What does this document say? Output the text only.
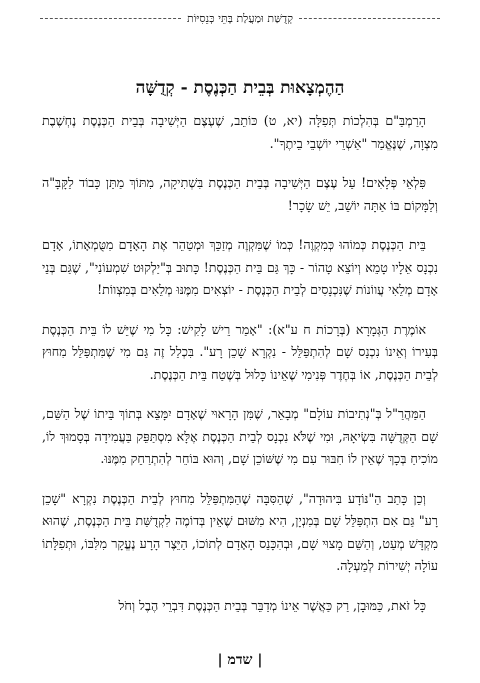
קְדֻשַּׁת וּמַעֲלַת בָּתֵּי כְּנֵסִיּוֹת
הַהֶמְצָאוּת בְּבֵית הַכְּנֶסֶת - קְדֻשָּׁה

הָרַמְבַּ"ם בְּהִלְכוֹת תְּפִלָּה (יא, ט) כּוֹתֵב, שֶׁעֶצֶם הַיְּשִׁיבָה בְּבֵית הַכְּנֶסֶת נֶחְשֶׁבֶת מִצְוָה, שֶׁנֶּאֱמַר "אַשְׁרֵי יוֹשְׁבֵי בֵיתֶךָ".

פִּלְאֵי פְּלָאִים! עַל עֶצֶם הַיְּשִׁיבָה בְּבֵית הַכְּנֶסֶת בִּשְׁתִיקָה, מִתּוֹךְ מַתַּן כָּבוֹד לַקָּבָּ"ה וְלַמָּקוֹם בּוֹ אַתָּה יוֹשֵׁב, יֵשׁ שָׂכָר!

בֵּית הַכְּנֶסֶת כְּמוֹהוּ כְּמִקְוֶה! כְּמוֹ שֶׁמִּקְוֶה מְזַכֵּךְ וּמְטַהֵר אֶת הָאָדָם מִטֻּמְאָתוֹ, אָדָם נִכְנָס אֵלָיו טָמֵא וְיוֹצֵא טָהוֹר - כָּךְ גַּם בֵּית הַכְּנֶסֶת! כָּתוּב בְּ"יַלְקוּט שִׁמְעוֹנִי", שֶׁגַּם בְּנֵי אָדָם מְלֵאִי עֲווֹנוֹת שֶׁנִּכְנָסִים לְבֵית הַכְּנֶסֶת - יוֹצְאִים מִמֶּנּוּ מְלֵאִים בְּמִצְווֹת!

אוֹמֶרֶת הַגְּמָרָא (בְּרָכוֹת ח ע"א): "אָמַר רֵישׁ לָקִישׁ: כָּל מִי שֶׁיֵּשׁ לוֹ בֵּית הַכְּנֶסֶת בְּעִירוֹ וְאֵינוֹ נִכְנָס שָׁם לְהִתְפַּלֵּל - נִקְרָא שָׁכֵן רָע". בִּכְלַל זֶה גַּם מִי שֶׁמִּתְפַּלֵּל מִחוּץ לְבֵית הַכְּנֶסֶת, אוֹ בְּחֶדֶר פְּנִימִי שֶׁאֵינוֹ כָּלוּל בְּשֶׁטַח בֵּית הַכְּנֶסֶת.

הַמַּהֲרַ"ל בְּ"נְתִיבוֹת עוֹלָם" מְבָאֵר, שֶׁמִּן הָרָאוּי שֶׁאָדָם יִמָּצֵא בְּתוֹךְ בֵּיתוֹ שֶׁל הַשֵּׁם, שָׁם הַקְּדֻשָּׁה בִּשְׂיאָהּ, וּמִי שֶׁלֹּא נִכְנָס לְבֵית הַכְּנֶסֶת אֶלָּא מִסְתַּפֵּק בַּעֲמִידָה בְּסָמוּךְ לוֹ, מוֹכִיחַ בְּכָךְ שֶׁאֵין לוֹ חִבּוּר עִם מִי שֶׁשּׁוֹכֵן שָׁם, וְהוּא בּוֹחֵר לְהִתְרַחֵק מִמֶּנּוּ.

וְכֵן כָּתַב הַ"נּוֹדָע בִּיהוּדָה", שֶׁהַסִּבָּה שֶׁהַמִּתְפַּלֵּל מִחוּץ לְבֵית הַכְּנֶסֶת נִקְרָא "שָׁכֵן רָע" גַּם אִם הִתְפַּלֵּל שָׁם בְּמִנְיָן, הִיא מִשּׁוּם שֶׁאֵין בְּדוֹמֶה לִקְדֻשַּׁת בֵּית הַכְּנֶסֶת, שֶׁהוּא מִקְדָּשׁ מְעַט, וְהַשֵּׁם מָצוּי שָׁם, וּבְהִכָּנֵס הָאָדָם לְתוֹכוֹ, הַיֵּצֶר הָרָע נֶעֱקָר מִלִּבּוֹ, וּתְפִלָּתוֹ עוֹלָה יְשִׁירוֹת לְמַעְלָה.

כָּל זֹאת, כַּמּוּבָן, רַק כַּאֲשֶׁר אֵינוֹ מְדַבֵּר בְּבֵית הַכְּנֶסֶת דִּבְרֵי הֶבֶל וְחֹל

| שדמ |
